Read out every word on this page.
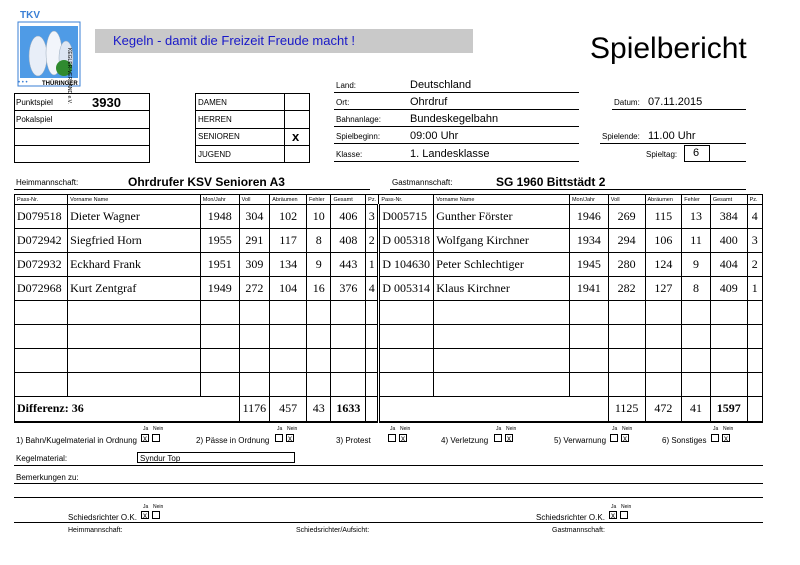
TKV
KEGLER-VERBAND e.V.
• • • THÜRINGER
Kegeln - damit die Freizeit Freude macht !	Spielbericht
Land:	Deutschland
Ort:	Ohrdruf	Datum: 07.11.2015
Bahnanlage:	Bundeskegelbahn
Spielbeginn:	09:00 Uhr	Spielende: 11.00 Uhr
Klasse:	1. Landesklasse	Spieltag: 6
Punktspiel	3930
Pokalspiel
DAMEN
HERREN
SENIOREN	x
JUGEND
Heimmannschaft:	Ohrdrufer KSV Senioren A3	Gastmannschaft:	SG 1960 Bittstädt 2
Pass-Nr.	Vorname Name	Mon/Jahr	Voll	Abräumen	Fehler	Gesamt	Pz.	Pass-Nr.	Vorname Name	Mon/Jahr	Voll	Abräumen	Fehler	Gesamt	Pz.
D079518	Dieter Wagner	1948	304	102	10	406	3	D005715	Gunther Förster	1946	269	115	13	384	4
D072942	Siegfried Horn	1955	291	117	8	408	2	D 005318	Wolfgang Kirchner	1934	294	106	11	400	3
D072932	Eckhard Frank	1951	309	134	9	443	1	D 104630	Peter Schlechtiger	1945	280	124	9	404	2
D072968	Kurt Zentgraf	1949	272	104	16	376	4	D 005314	Klaus Kirchner	1941	282	127	8	409	1

Differenz: 36			1176	457	43	1633					1125	472	41	1597	
1) Bahn/Kugelmaterial in Ordnung
Ja Nein
x	2) Pässe in Ordnung
Ja Nein
x	3) Protest
Ja Nein
x	4) Verletzung
Ja Nein
x	5) Verwarnung
Ja Nein
x	6) Sonstiges
Ja Nein
x
Kegelmaterial:	Syndur Top
Bemerkungen zu:
Schiedsrichter O.K.
Ja Nein
x	Schiedsrichter O.K.
Ja Nein
x
Heimmannschaft:	Schiedsrichter/Aufsicht:	Gastmannschaft:
